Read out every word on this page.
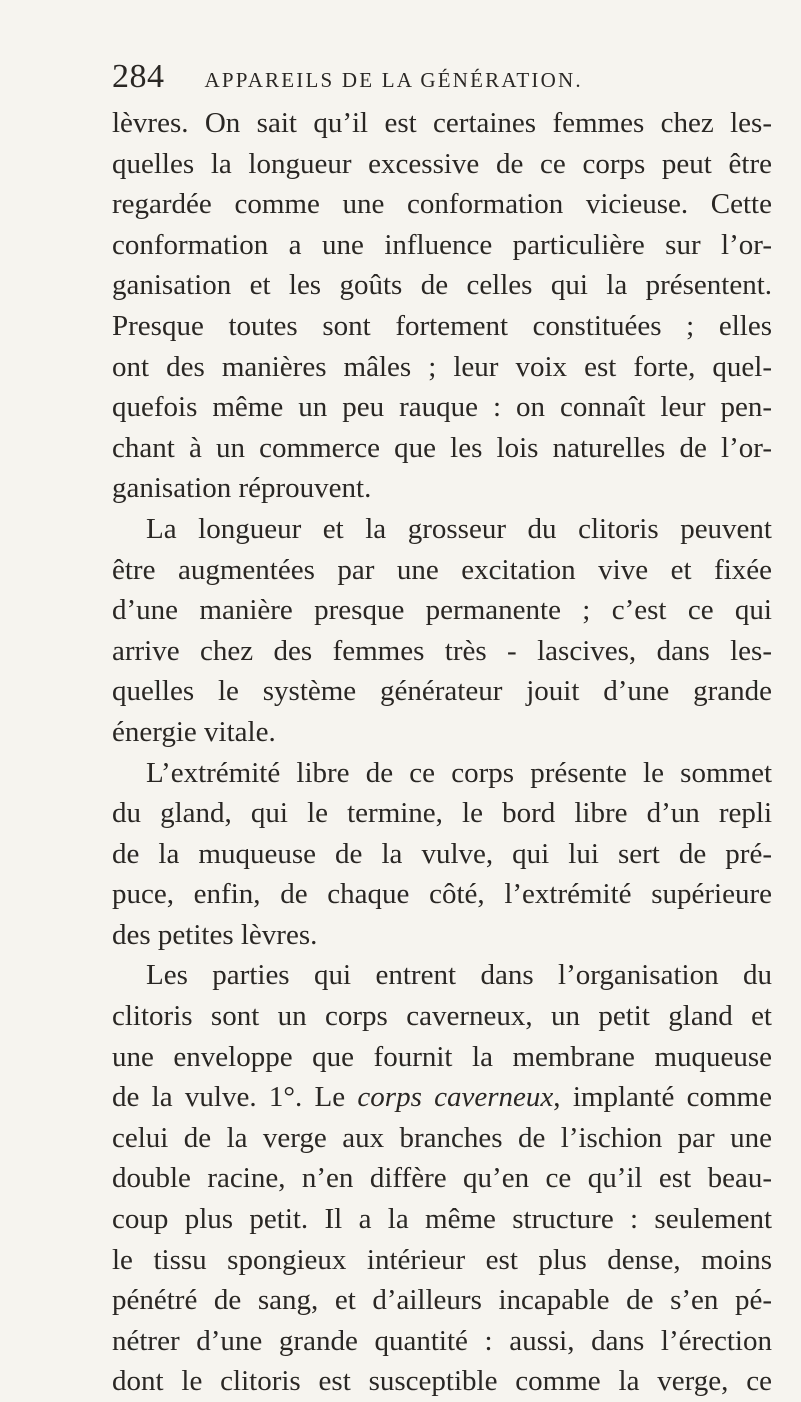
284 APPAREILS DE LA GÉNÉRATION.
lèvres. On sait qu’il est certaines femmes chez les-
quelles la longueur excessive de ce corps peut être
regardée comme une conformation vicieuse. Cette
conformation a une influence particulière sur l’or-
ganisation et les goûts de celles qui la présentent.
Presque toutes sont fortement constituées ; elles
ont des manières mâles ; leur voix est forte, quel-
quefois même un peu rauque : on connaît leur pen-
chant à un commerce que les lois naturelles de l’or-
ganisation réprouvent.
La longueur et la grosseur du clitoris peuvent
être augmentées par une excitation vive et fixée
d’une manière presque permanente ; c’est ce qui
arrive chez des femmes très - lascives, dans les-
quelles le système générateur jouit d’une grande
énergie vitale.
L’extrémité libre de ce corps présente le sommet
du gland, qui le termine, le bord libre d’un repli
de la muqueuse de la vulve, qui lui sert de pré-
puce, enfin, de chaque côté, l’extrémité supérieure
des petites lèvres.
Les parties qui entrent dans l’organisation du
clitoris sont un corps caverneux, un petit gland et
une enveloppe que fournit la membrane muqueuse
de la vulve. 1°. Le corps caverneux, implanté comme
celui de la verge aux branches de l’ischion par une
double racine, n’en diffère qu’en ce qu’il est beau-
coup plus petit. Il a la même structure : seulement
le tissu spongieux intérieur est plus dense, moins
pénétré de sang, et d’ailleurs incapable de s’en pé-
nétrer d’une grande quantité : aussi, dans l’érection
dont le clitoris est susceptible comme la verge, ce
